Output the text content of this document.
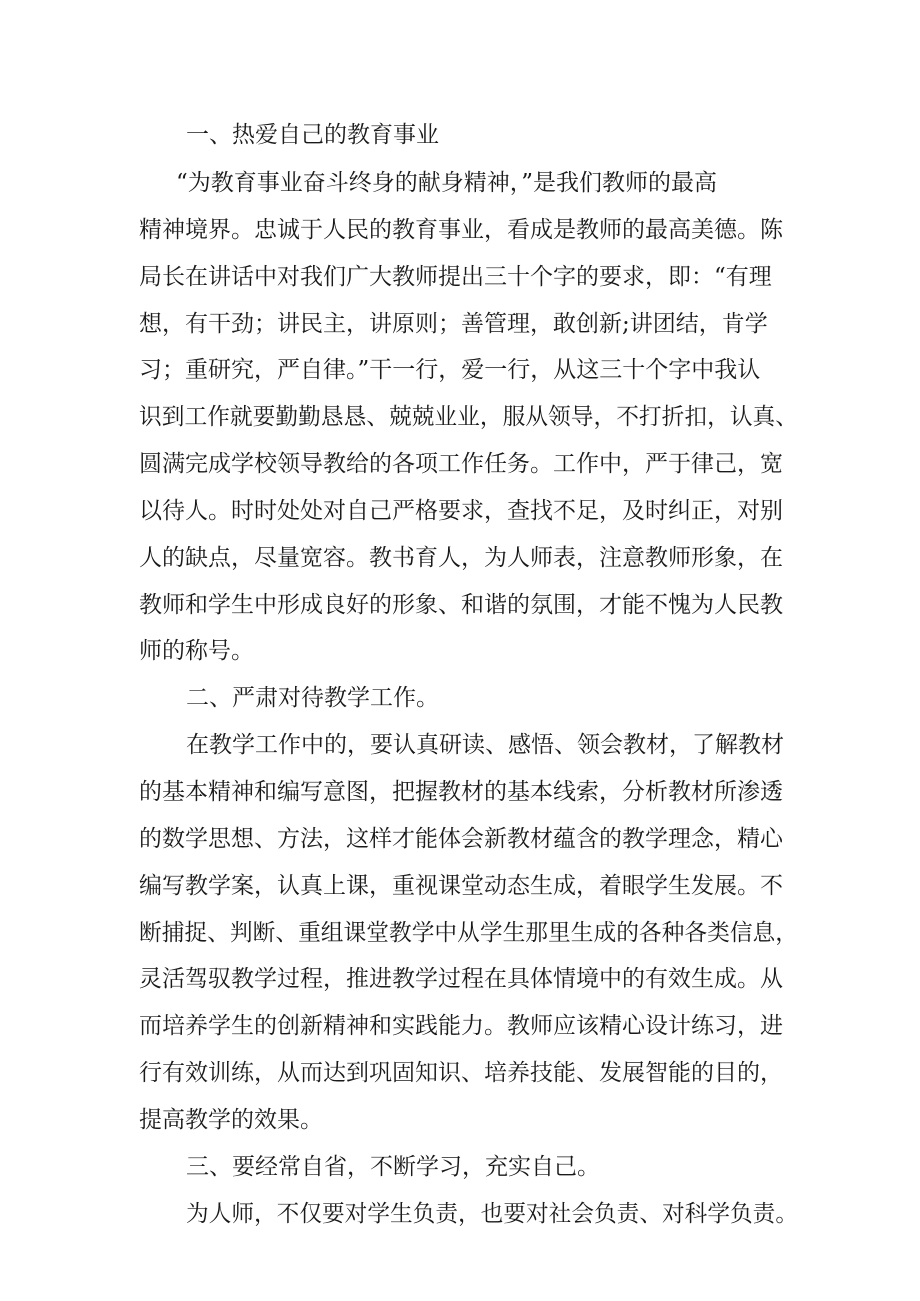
一、热爱自己的教育事业

“为教育事业奋斗终身的献身精神，”是我们教师的最高

精神境界。忠诚于人民的教育事业，看成是教师的最高美德。陈

局长在讲话中对我们广大教师提出三十个字的要求，即：“有理

想，有干劲；讲民主，讲原则；善管理，敢创新;讲团结，肯学

习；重研究，严自律。”干一行，爱一行，从这三十个字中我认

识到工作就要勤勤恳恳、兢兢业业，服从领导，不打折扣，认真、

圆满完成学校领导教给的各项工作任务。工作中，严于律己，宽

以待人。时时处处对自己严格要求，查找不足，及时纠正，对别

人的缺点，尽量宽容。教书育人，为人师表，注意教师形象，在

教师和学生中形成良好的形象、和谐的氛围，才能不愧为人民教

师的称号。

二、严肃对待教学工作。

在教学工作中的，要认真研读、感悟、领会教材，了解教材

的基本精神和编写意图，把握教材的基本线索，分析教材所渗透

的数学思想、方法，这样才能体会新教材蕴含的教学理念，精心

编写教学案，认真上课，重视课堂动态生成，着眼学生发展。不

断捕捉、判断、重组课堂教学中从学生那里生成的各种各类信息，

灵活驾驭教学过程，推进教学过程在具体情境中的有效生成。从

而培养学生的创新精神和实践能力。教师应该精心设计练习，进

行有效训练，从而达到巩固知识、培养技能、发展智能的目的，

提高教学的效果。

三、要经常自省，不断学习，充实自己。

为人师，不仅要对学生负责，也要对社会负责、对科学负责。
